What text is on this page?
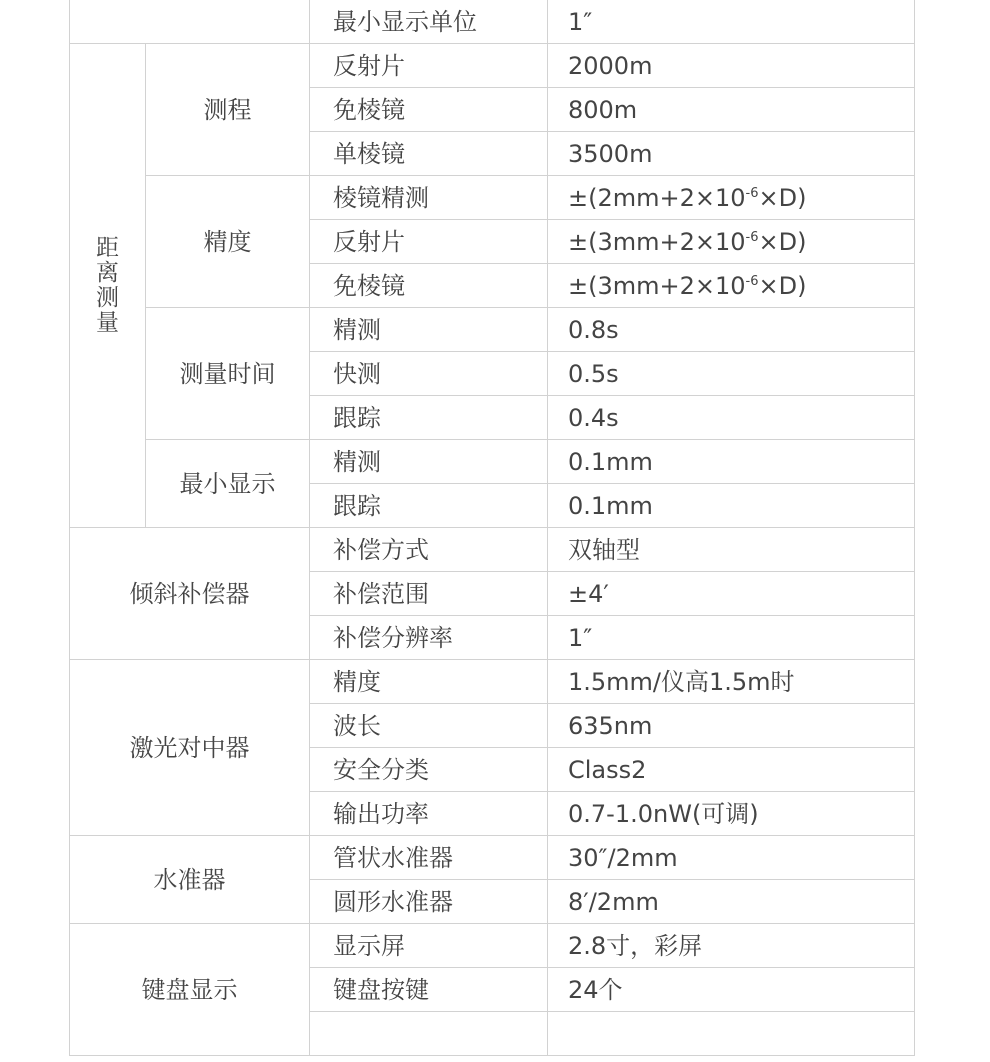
		最小显示单位	1″
距离测量	测程	反射片	2000m
		免棱镜	800m
		单棱镜	3500m
	精度	棱镜精测	$\pm(2mm+2\times 10^{-6}\times D)$
		反射片	$\pm(3mm+2\times 10^{-6}\times D)$
		免棱镜	$\pm(3mm+2\times 10^{-6}\times D)$
	测量时间	精测	0.8s
		快测	0.5s
		跟踪	0.4s
	最小显示	精测	0.1mm
		跟踪	0.1mm
倾斜补偿器		补偿方式	双轴型
		补偿范围	±4′
		补偿分辨率	1″
激光对中器		精度	1.5mm/仪高1.5m时
		波长	635nm
		安全分类	Class2
		输出功率	0.7-1.0nW(可调)
水准器		管状水准器	30″/2mm
		圆形水准器	8′/2mm
键盘显示		显示屏	2.8寸，彩屏
		键盘按键	24个
